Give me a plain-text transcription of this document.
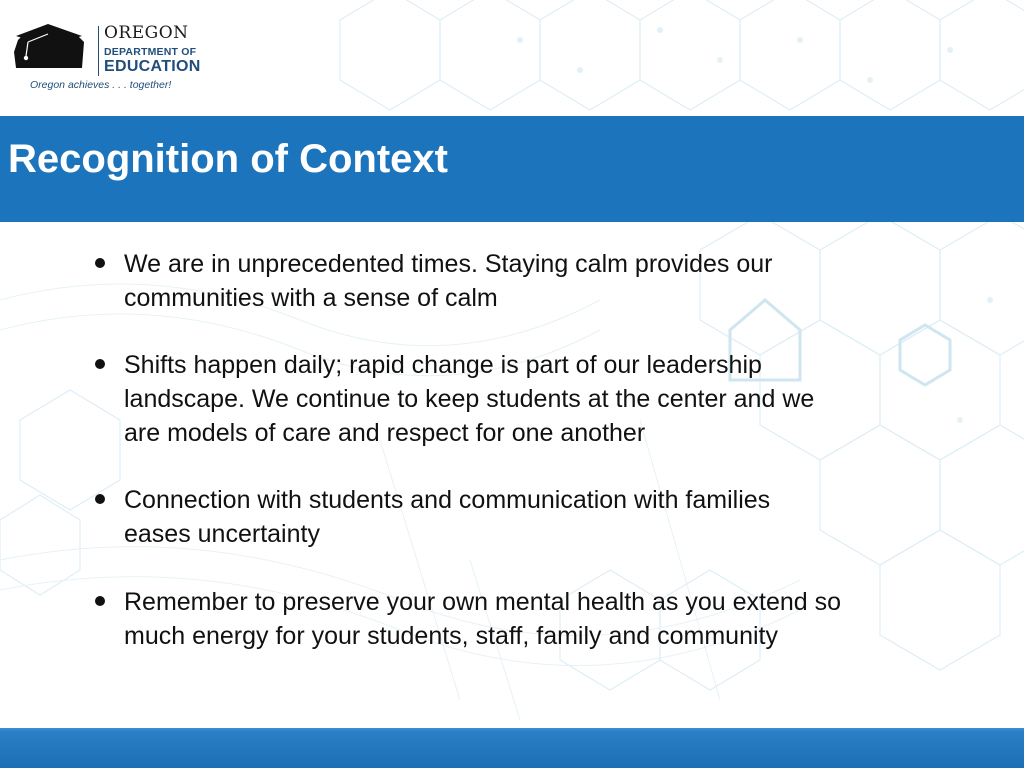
OREGON
DEPARTMENT OF
EDUCATION
Oregon achieves . . . together!
Recognition of Context
We are in unprecedented times. Staying calm provides our
communities with a sense of calm
Shifts happen daily; rapid change is part of our leadership
landscape. We continue to keep students at the center and we
are models of care and respect for one another
Connection with students and communication with families
eases uncertainty
Remember to preserve your own mental health as you extend so
much energy for your students, staff, family and community
